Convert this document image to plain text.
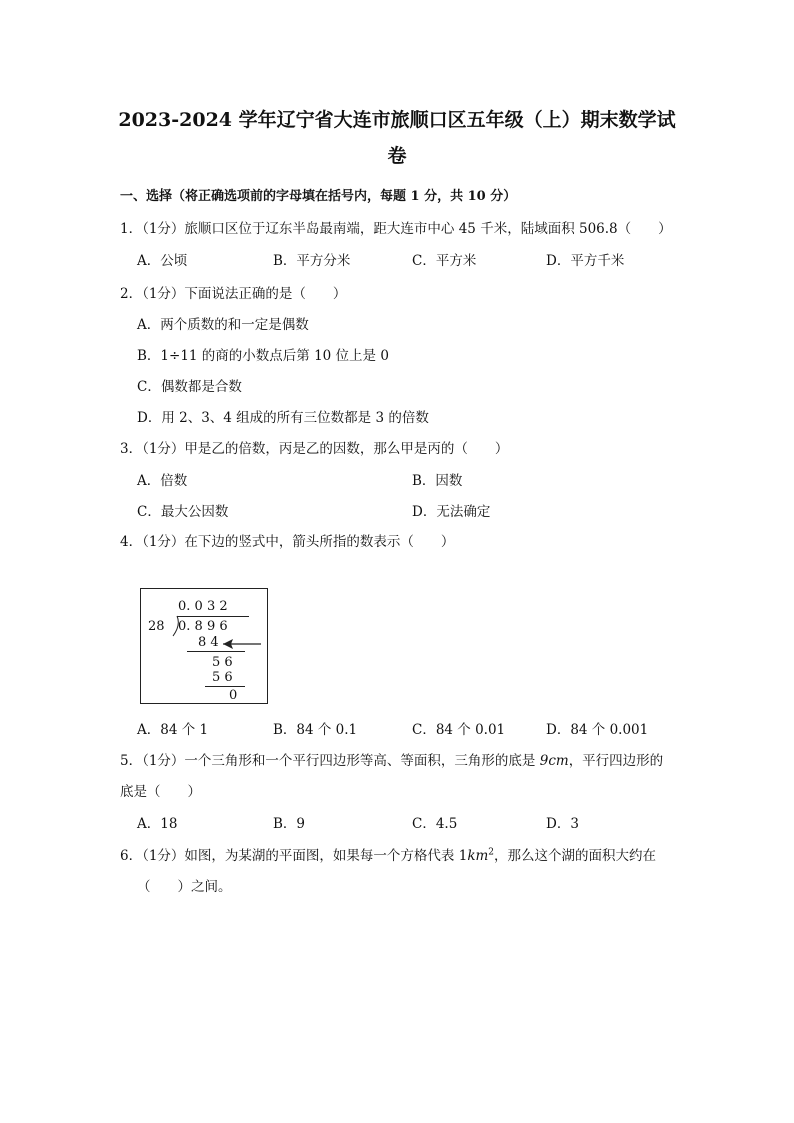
2023-2024 学年辽宁省大连市旅顺口区五年级（上）期末数学试
卷
一、选择（将正确选项前的字母填在括号内，每题 1 分，共 10 分）
1．（1分）旅顺口区位于辽东半岛最南端，距大连市中心 45 千米，陆域面积 506.8（　　）
A．公顷	B．平方分米	C．平方米	D．平方千米
2．（1分）下面说法正确的是（　　）
A．两个质数的和一定是偶数
B．1÷11 的商的小数点后第 10 位上是 0
C．偶数都是合数
D．用 2、3、4 组成的所有三位数都是 3 的倍数
3．（1分）甲是乙的倍数，丙是乙的因数，那么甲是丙的（　　）
A．倍数	B．因数
C．最大公因数	D．无法确定
4．（1分）在下边的竖式中，箭头所指的数表示（　　）
0. 0 3 2
28 0. 8 9 6
8 4
5 6
5 6
0
A．84 个 1	B．84 个 0.1	C．84 个 0.01	D．84 个 0.001
5．（1分）一个三角形和一个平行四边形等高、等面积，三角形的底是 9cm，平行四边形的
底是（　　）
A．18	B．9	C．4.5	D．3
6．（1分）如图，为某湖的平面图，如果每一个方格代表 $1km^2$，那么这个湖的面积大约在
（　　）之间。
